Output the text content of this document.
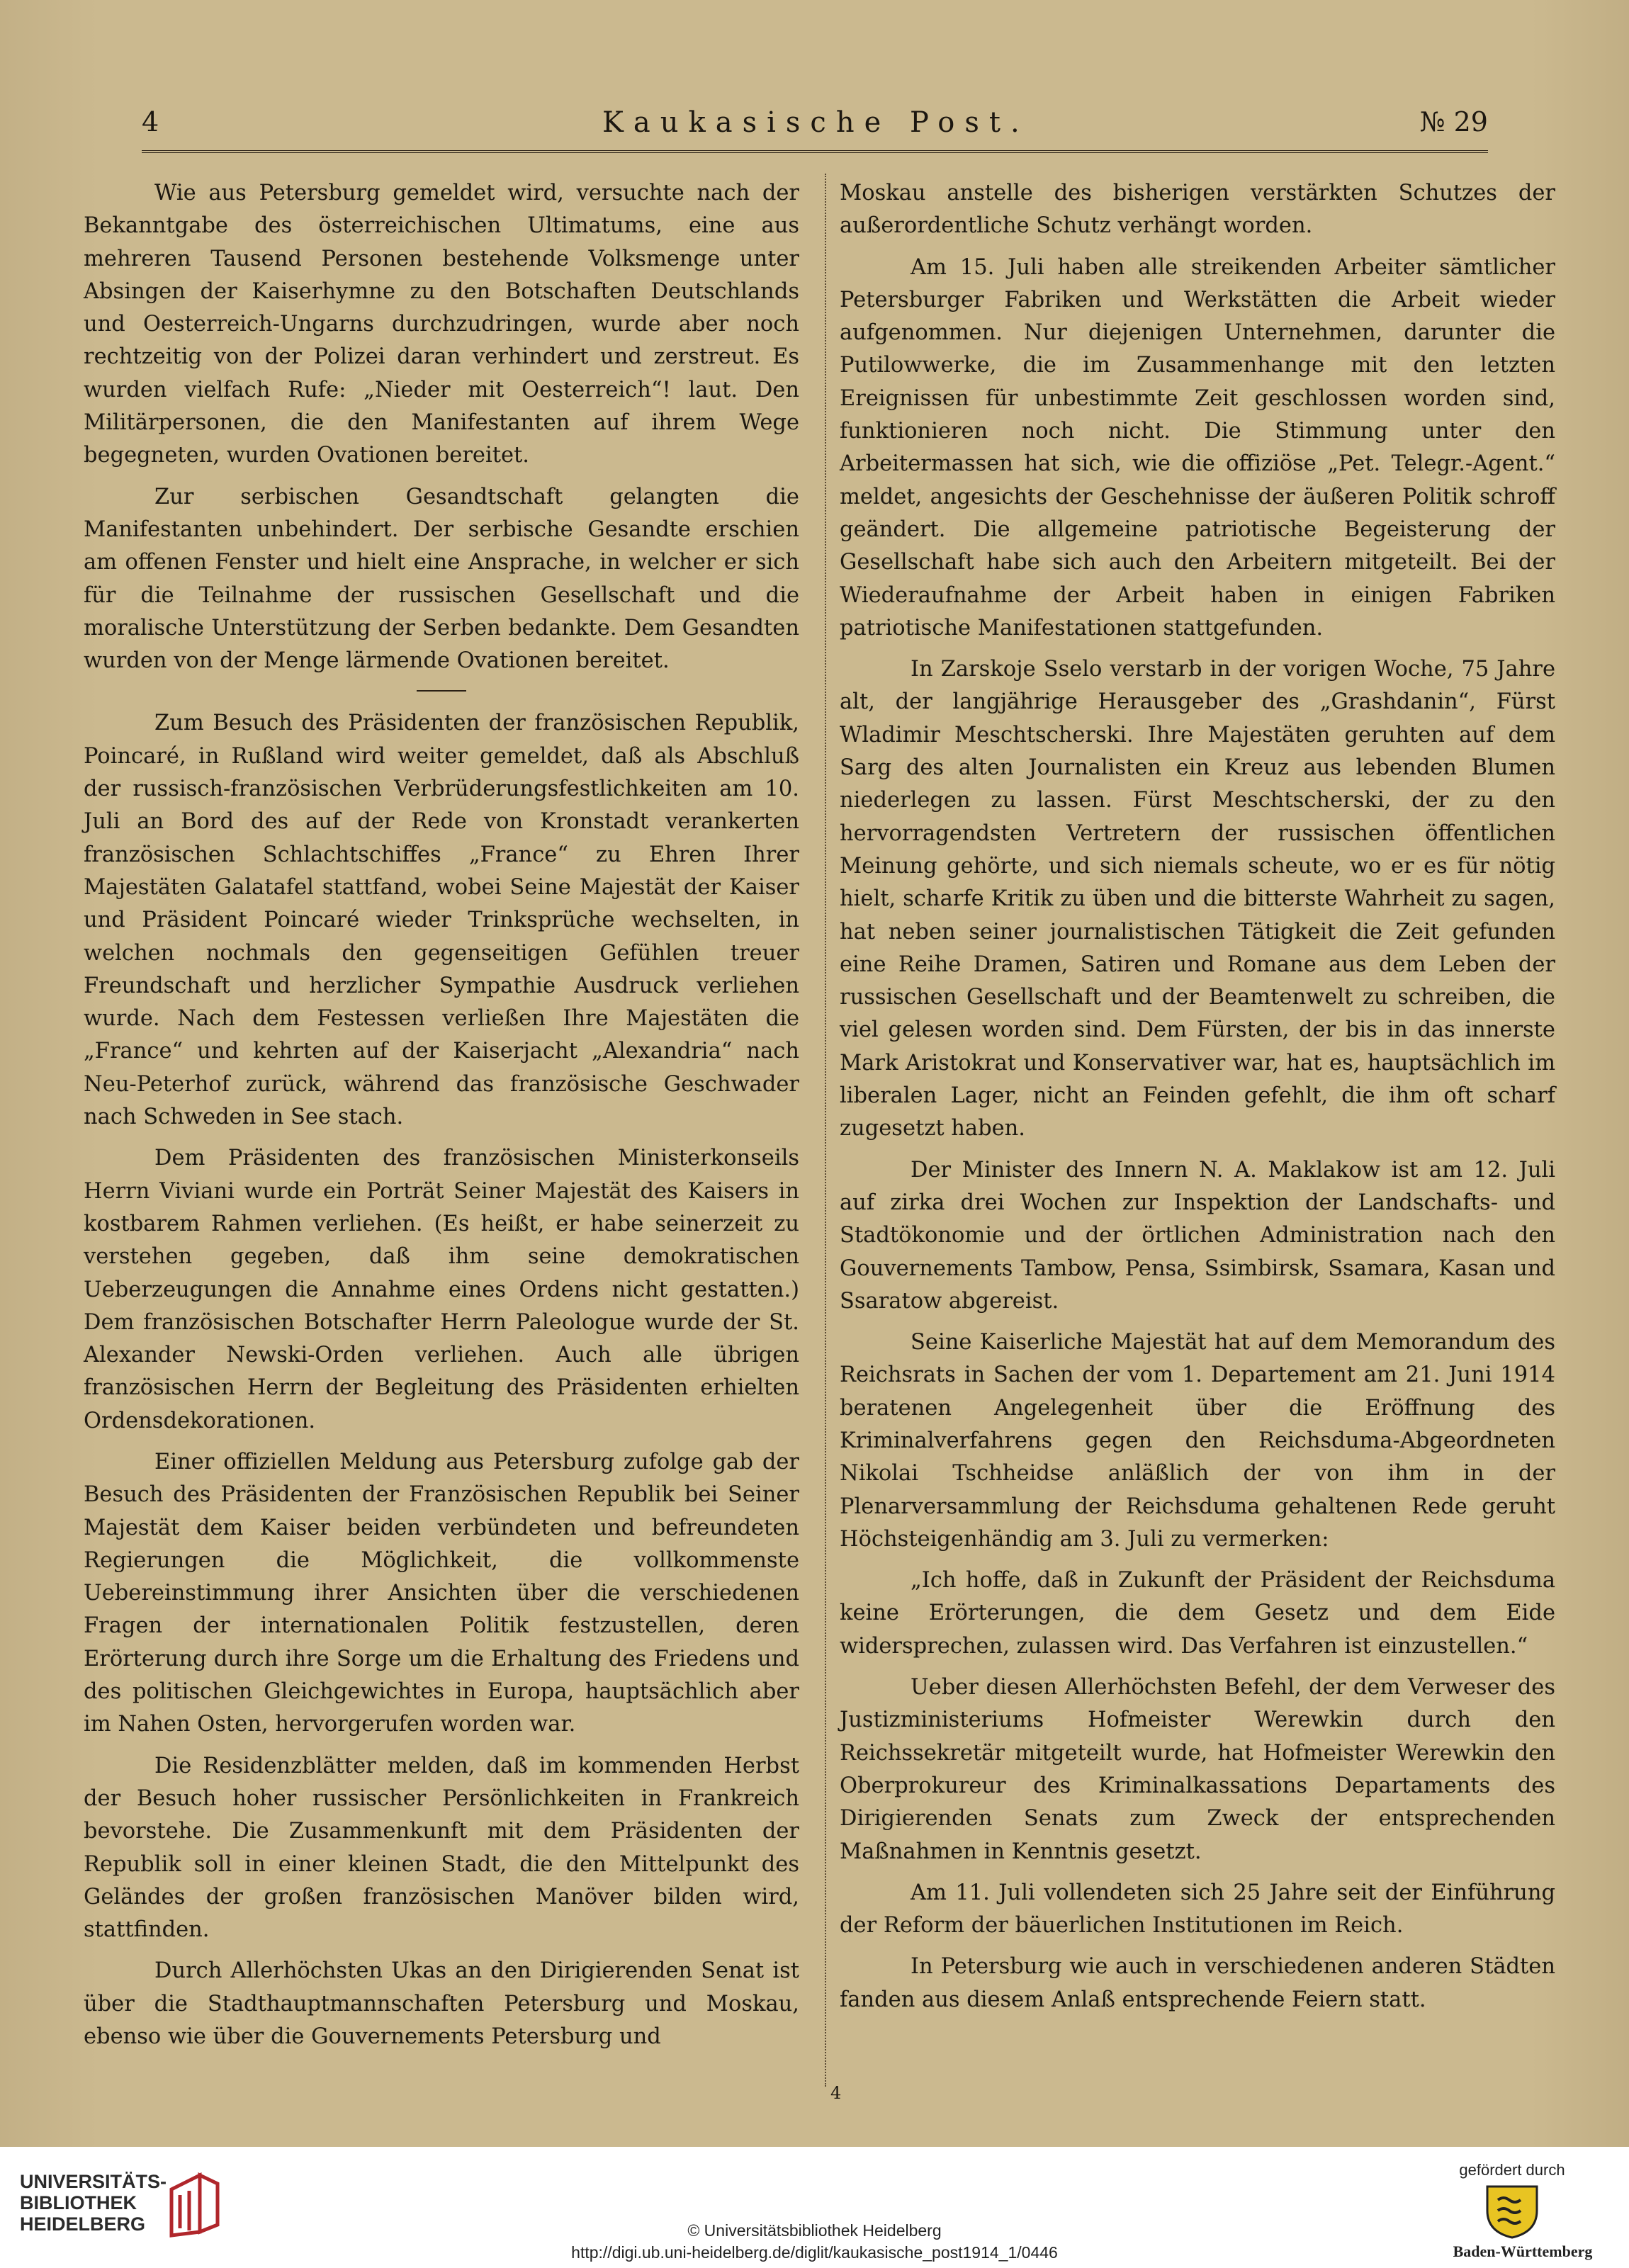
4	Kaukasische Post.	№ 29

Wie aus Petersburg gemeldet wird, versuchte nach der Bekanntgabe des österreichischen Ultimatums, eine aus mehreren Tausend Personen bestehende Volksmenge unter Absingen der Kaiserhymne zu den Botschaften Deutschlands und Oesterreich-Ungarns durchzudringen, wurde aber noch rechtzeitig von der Polizei daran verhindert und zerstreut. Es wurden vielfach Rufe: „Nieder mit Oesterreich“! laut. Den Militärpersonen, die den Manifestanten auf ihrem Wege begegneten, wurden Ovationen bereitet.

Zur serbischen Gesandtschaft gelangten die Manifestanten unbehindert. Der serbische Gesandte erschien am offenen Fenster und hielt eine Ansprache, in welcher er sich für die Teilnahme der russischen Gesellschaft und die moralische Unterstützung der Serben bedankte. Dem Gesandten wurden von der Menge lärmende Ovationen bereitet.

Zum Besuch des Präsidenten der französischen Republik, Poincaré, in Rußland wird weiter gemeldet, daß als Abschluß der russisch-französischen Verbrüderungsfestlichkeiten am 10. Juli an Bord des auf der Rede von Kronstadt verankerten französischen Schlachtschiffes „France“ zu Ehren Ihrer Majestäten Galatafel stattfand, wobei Seine Majestät der Kaiser und Präsident Poincaré wieder Trinksprüche wechselten, in welchen nochmals den gegenseitigen Gefühlen treuer Freundschaft und herzlicher Sympathie Ausdruck verliehen wurde. Nach dem Festessen verließen Ihre Majestäten die „France“ und kehrten auf der Kaiserjacht „Alexandria“ nach Neu-Peterhof zurück, während das französische Geschwader nach Schweden in See stach.

Dem Präsidenten des französischen Ministerkonseils Herrn Viviani wurde ein Porträt Seiner Majestät des Kaisers in kostbarem Rahmen verliehen. (Es heißt, er habe seinerzeit zu verstehen gegeben, daß ihm seine demokratischen Ueberzeugungen die Annahme eines Ordens nicht gestatten.) Dem französischen Botschafter Herrn Paleologue wurde der St. Alexander Newski-Orden verliehen. Auch alle übrigen französischen Herrn der Begleitung des Präsidenten erhielten Ordensdekorationen.

Einer offiziellen Meldung aus Petersburg zufolge gab der Besuch des Präsidenten der Französischen Republik bei Seiner Majestät dem Kaiser beiden verbündeten und befreundeten Regierungen die Möglichkeit, die vollkommenste Uebereinstimmung ihrer Ansichten über die verschiedenen Fragen der internationalen Politik festzustellen, deren Erörterung durch ihre Sorge um die Erhaltung des Friedens und des politischen Gleichgewichtes in Europa, hauptsächlich aber im Nahen Osten, hervorgerufen worden war.

Die Residenzblätter melden, daß im kommenden Herbst der Besuch hoher russischer Persönlichkeiten in Frankreich bevorstehe. Die Zusammenkunft mit dem Präsidenten der Republik soll in einer kleinen Stadt, die den Mittelpunkt des Geländes der großen französischen Manöver bilden wird, stattfinden.

Durch Allerhöchsten Ukas an den Dirigierenden Senat ist über die Stadthauptmannschaften Petersburg und Moskau, ebenso wie über die Gouvernements Petersburg und

Moskau anstelle des bisherigen verstärkten Schutzes der außerordentliche Schutz verhängt worden.

Am 15. Juli haben alle streikenden Arbeiter sämtlicher Petersburger Fabriken und Werkstätten die Arbeit wieder aufgenommen. Nur diejenigen Unternehmen, darunter die Putilowwerke, die im Zusammenhange mit den letzten Ereignissen für unbestimmte Zeit geschlossen worden sind, funktionieren noch nicht. Die Stimmung unter den Arbeitermassen hat sich, wie die offiziöse „Pet. Telegr.-Agent.“ meldet, angesichts der Geschehnisse der äußeren Politik schroff geändert. Die allgemeine patriotische Begeisterung der Gesellschaft habe sich auch den Arbeitern mitgeteilt. Bei der Wiederaufnahme der Arbeit haben in einigen Fabriken patriotische Manifestationen stattgefunden.

In Zarskoje Sselo verstarb in der vorigen Woche, 75 Jahre alt, der langjährige Herausgeber des „Grashdanin“, Fürst Wladimir Meschtscherski. Ihre Majestäten geruhten auf dem Sarg des alten Journalisten ein Kreuz aus lebenden Blumen niederlegen zu lassen. Fürst Meschtscherski, der zu den hervorragendsten Vertretern der russischen öffentlichen Meinung gehörte, und sich niemals scheute, wo er es für nötig hielt, scharfe Kritik zu üben und die bitterste Wahrheit zu sagen, hat neben seiner journalistischen Tätigkeit die Zeit gefunden eine Reihe Dramen, Satiren und Romane aus dem Leben der russischen Gesellschaft und der Beamtenwelt zu schreiben, die viel gelesen worden sind. Dem Fürsten, der bis in das innerste Mark Aristokrat und Konservativer war, hat es, hauptsächlich im liberalen Lager, nicht an Feinden gefehlt, die ihm oft scharf zugesetzt haben.

Der Minister des Innern N. A. Maklakow ist am 12. Juli auf zirka drei Wochen zur Inspektion der Landschafts- und Stadtökonomie und der örtlichen Administration nach den Gouvernements Tambow, Pensa, Ssimbirsk, Ssamara, Kasan und Ssaratow abgereist.

Seine Kaiserliche Majestät hat auf dem Memorandum des Reichsrats in Sachen der vom 1. Departement am 21. Juni 1914 beratenen Angelegenheit über die Eröffnung des Kriminalverfahrens gegen den Reichsduma-Abgeordneten Nikolai Tschheidse anläßlich der von ihm in der Plenarversammlung der Reichsduma gehaltenen Rede geruht Höchsteigenhändig am 3. Juli zu vermerken:

„Ich hoffe, daß in Zukunft der Präsident der Reichsduma keine Erörterungen, die dem Gesetz und dem Eide widersprechen, zulassen wird. Das Verfahren ist einzustellen.“

Ueber diesen Allerhöchsten Befehl, der dem Verweser des Justizministeriums Hofmeister Werewkin durch den Reichssekretär mitgeteilt wurde, hat Hofmeister Werewkin den Oberprokureur des Kriminalkassations Departaments des Dirigierenden Senats zum Zweck der entsprechenden Maßnahmen in Kenntnis gesetzt.

Am 11. Juli vollendeten sich 25 Jahre seit der Einführung der Reform der bäuerlichen Institutionen im Reich.

In Petersburg wie auch in verschiedenen anderen Städten fanden aus diesem Anlaß entsprechende Feiern statt.

4
UNIVERSITÄTS-
BIBLIOTHEK
HEIDELBERG	© Universitätsbibliothek Heidelberg
http://digi.ub.uni-heidelberg.de/diglit/kaukasische_post1914_1/0446
gefördert durch
Baden-Württemberg
